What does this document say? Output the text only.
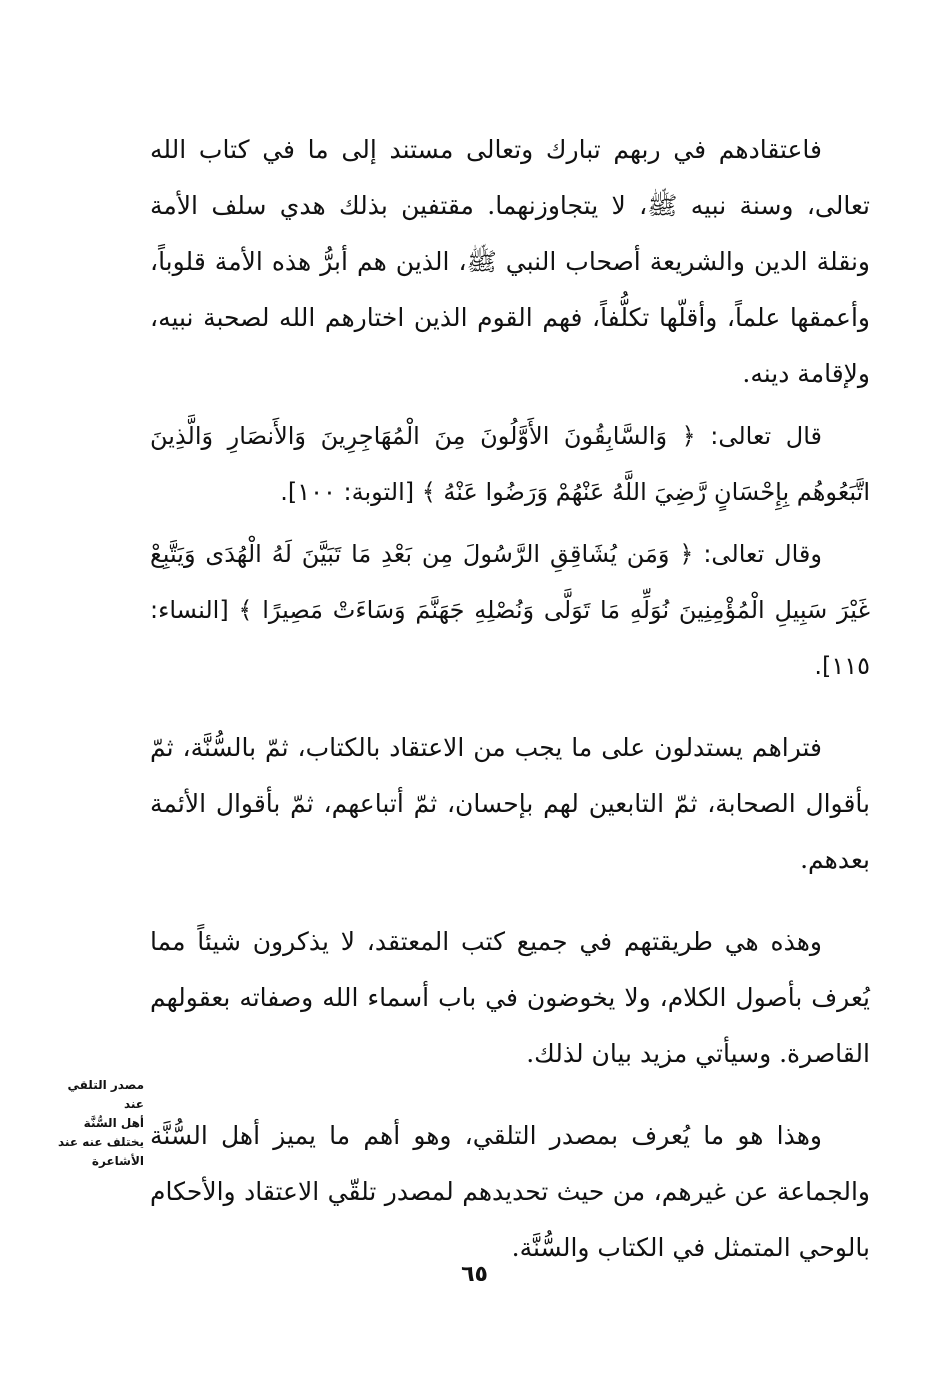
فاعتقادهم في ربهم تبارك وتعالى مستند إلى ما في كتاب الله تعالى، وسنة نبيه ﷺ، لا يتجاوزنهما. مقتفين بذلك هدي سلف الأمة ونقلة الدين والشريعة أصحاب النبي ﷺ، الذين هم أبرُّ هذه الأمة قلوباً، وأعمقها علماً، وأقلّها تكلُّفاً، فهم القوم الذين اختارهم الله لصحبة نبيه، ولإقامة دينه.

قال تعالى: ﴿ وَالسَّابِقُونَ الأَوَّلُونَ مِنَ الْمُهَاجِرِينَ وَالأَنصَارِ وَالَّذِينَ اتَّبَعُوهُم بِإِحْسَانٍ رَّضِيَ اللَّهُ عَنْهُمْ وَرَضُوا عَنْهُ ﴾ [التوبة: ١٠٠].

وقال تعالى: ﴿ وَمَن يُشَاقِقِ الرَّسُولَ مِن بَعْدِ مَا تَبَيَّنَ لَهُ الْهُدَى وَيَتَّبِعْ غَيْرَ سَبِيلِ الْمُؤْمِنِينَ نُوَلِّهِ مَا تَوَلَّى وَنُصْلِهِ جَهَنَّمَ وَسَاءَتْ مَصِيرًا ﴾ [النساء: ١١٥].

فتراهم يستدلون على ما يجب من الاعتقاد بالكتاب، ثمّ بالسُّنَّة، ثمّ بأقوال الصحابة، ثمّ التابعين لهم بإحسان، ثمّ أتباعهم، ثمّ بأقوال الأئمة بعدهم.

وهذه هي طريقتهم في جميع كتب المعتقد، لا يذكرون شيئاً مما يُعرف بأصول الكلام، ولا يخوضون في باب أسماء الله وصفاته بعقولهم القاصرة. وسيأتي مزيد بيان لذلك.

وهذا هو ما يُعرف بمصدر التلقي، وهو أهم ما يميز أهل السُّنَّة والجماعة عن غيرهم، من حيث تحديدهم لمصدر تلقّي الاعتقاد والأحكام بالوحي المتمثل في الكتاب والسُّنَّة.

مصدر التلقي عند
أهل السُّنَّة
يختلف عنه عند
الأشاعرة
٦٥
